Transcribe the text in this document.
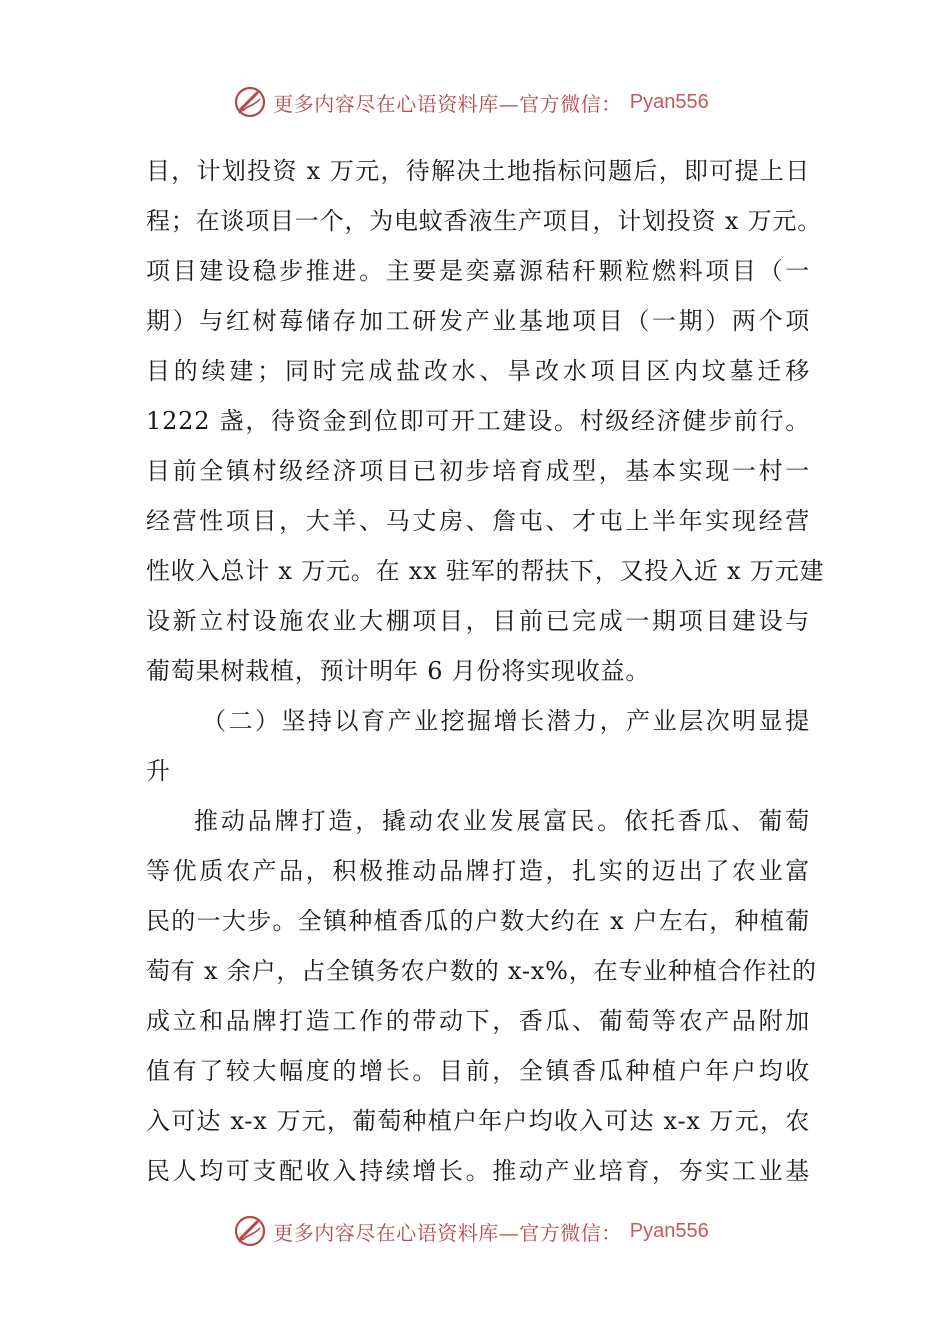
更多内容尽在心语资料库—官方微信： Pyan556
目，计划投资 x 万元，待解决土地指标问题后，即可提上日
程；在谈项目一个，为电蚊香液生产项目，计划投资 x 万元。
项目建设稳步推进。主要是奕嘉源秸秆颗粒燃料项目（一
期）与红树莓储存加工研发产业基地项目（一期）两个项
目的续建；同时完成盐改水、旱改水项目区内坟墓迁移
1222 盏，待资金到位即可开工建设。村级经济健步前行。
目前全镇村级经济项目已初步培育成型，基本实现一村一
经营性项目，大羊、马丈房、詹屯、才屯上半年实现经营
性收入总计 x 万元。在 xx 驻军的帮扶下，又投入近 x 万元建
设新立村设施农业大棚项目，目前已完成一期项目建设与
葡萄果树栽植，预计明年 6 月份将实现收益。
（二）坚持以育产业挖掘增长潜力，产业层次明显提
升
推动品牌打造，撬动农业发展富民。依托香瓜、葡萄
等优质农产品，积极推动品牌打造，扎实的迈出了农业富
民的一大步。全镇种植香瓜的户数大约在 x 户左右，种植葡
萄有 x 余户，占全镇务农户数的 x-x%，在专业种植合作社的
成立和品牌打造工作的带动下，香瓜、葡萄等农产品附加
值有了较大幅度的增长。目前，全镇香瓜种植户年户均收
入可达 x-x 万元，葡萄种植户年户均收入可达 x-x 万元，农
民人均可支配收入持续增长。推动产业培育，夯实工业基
更多内容尽在心语资料库—官方微信： Pyan556
